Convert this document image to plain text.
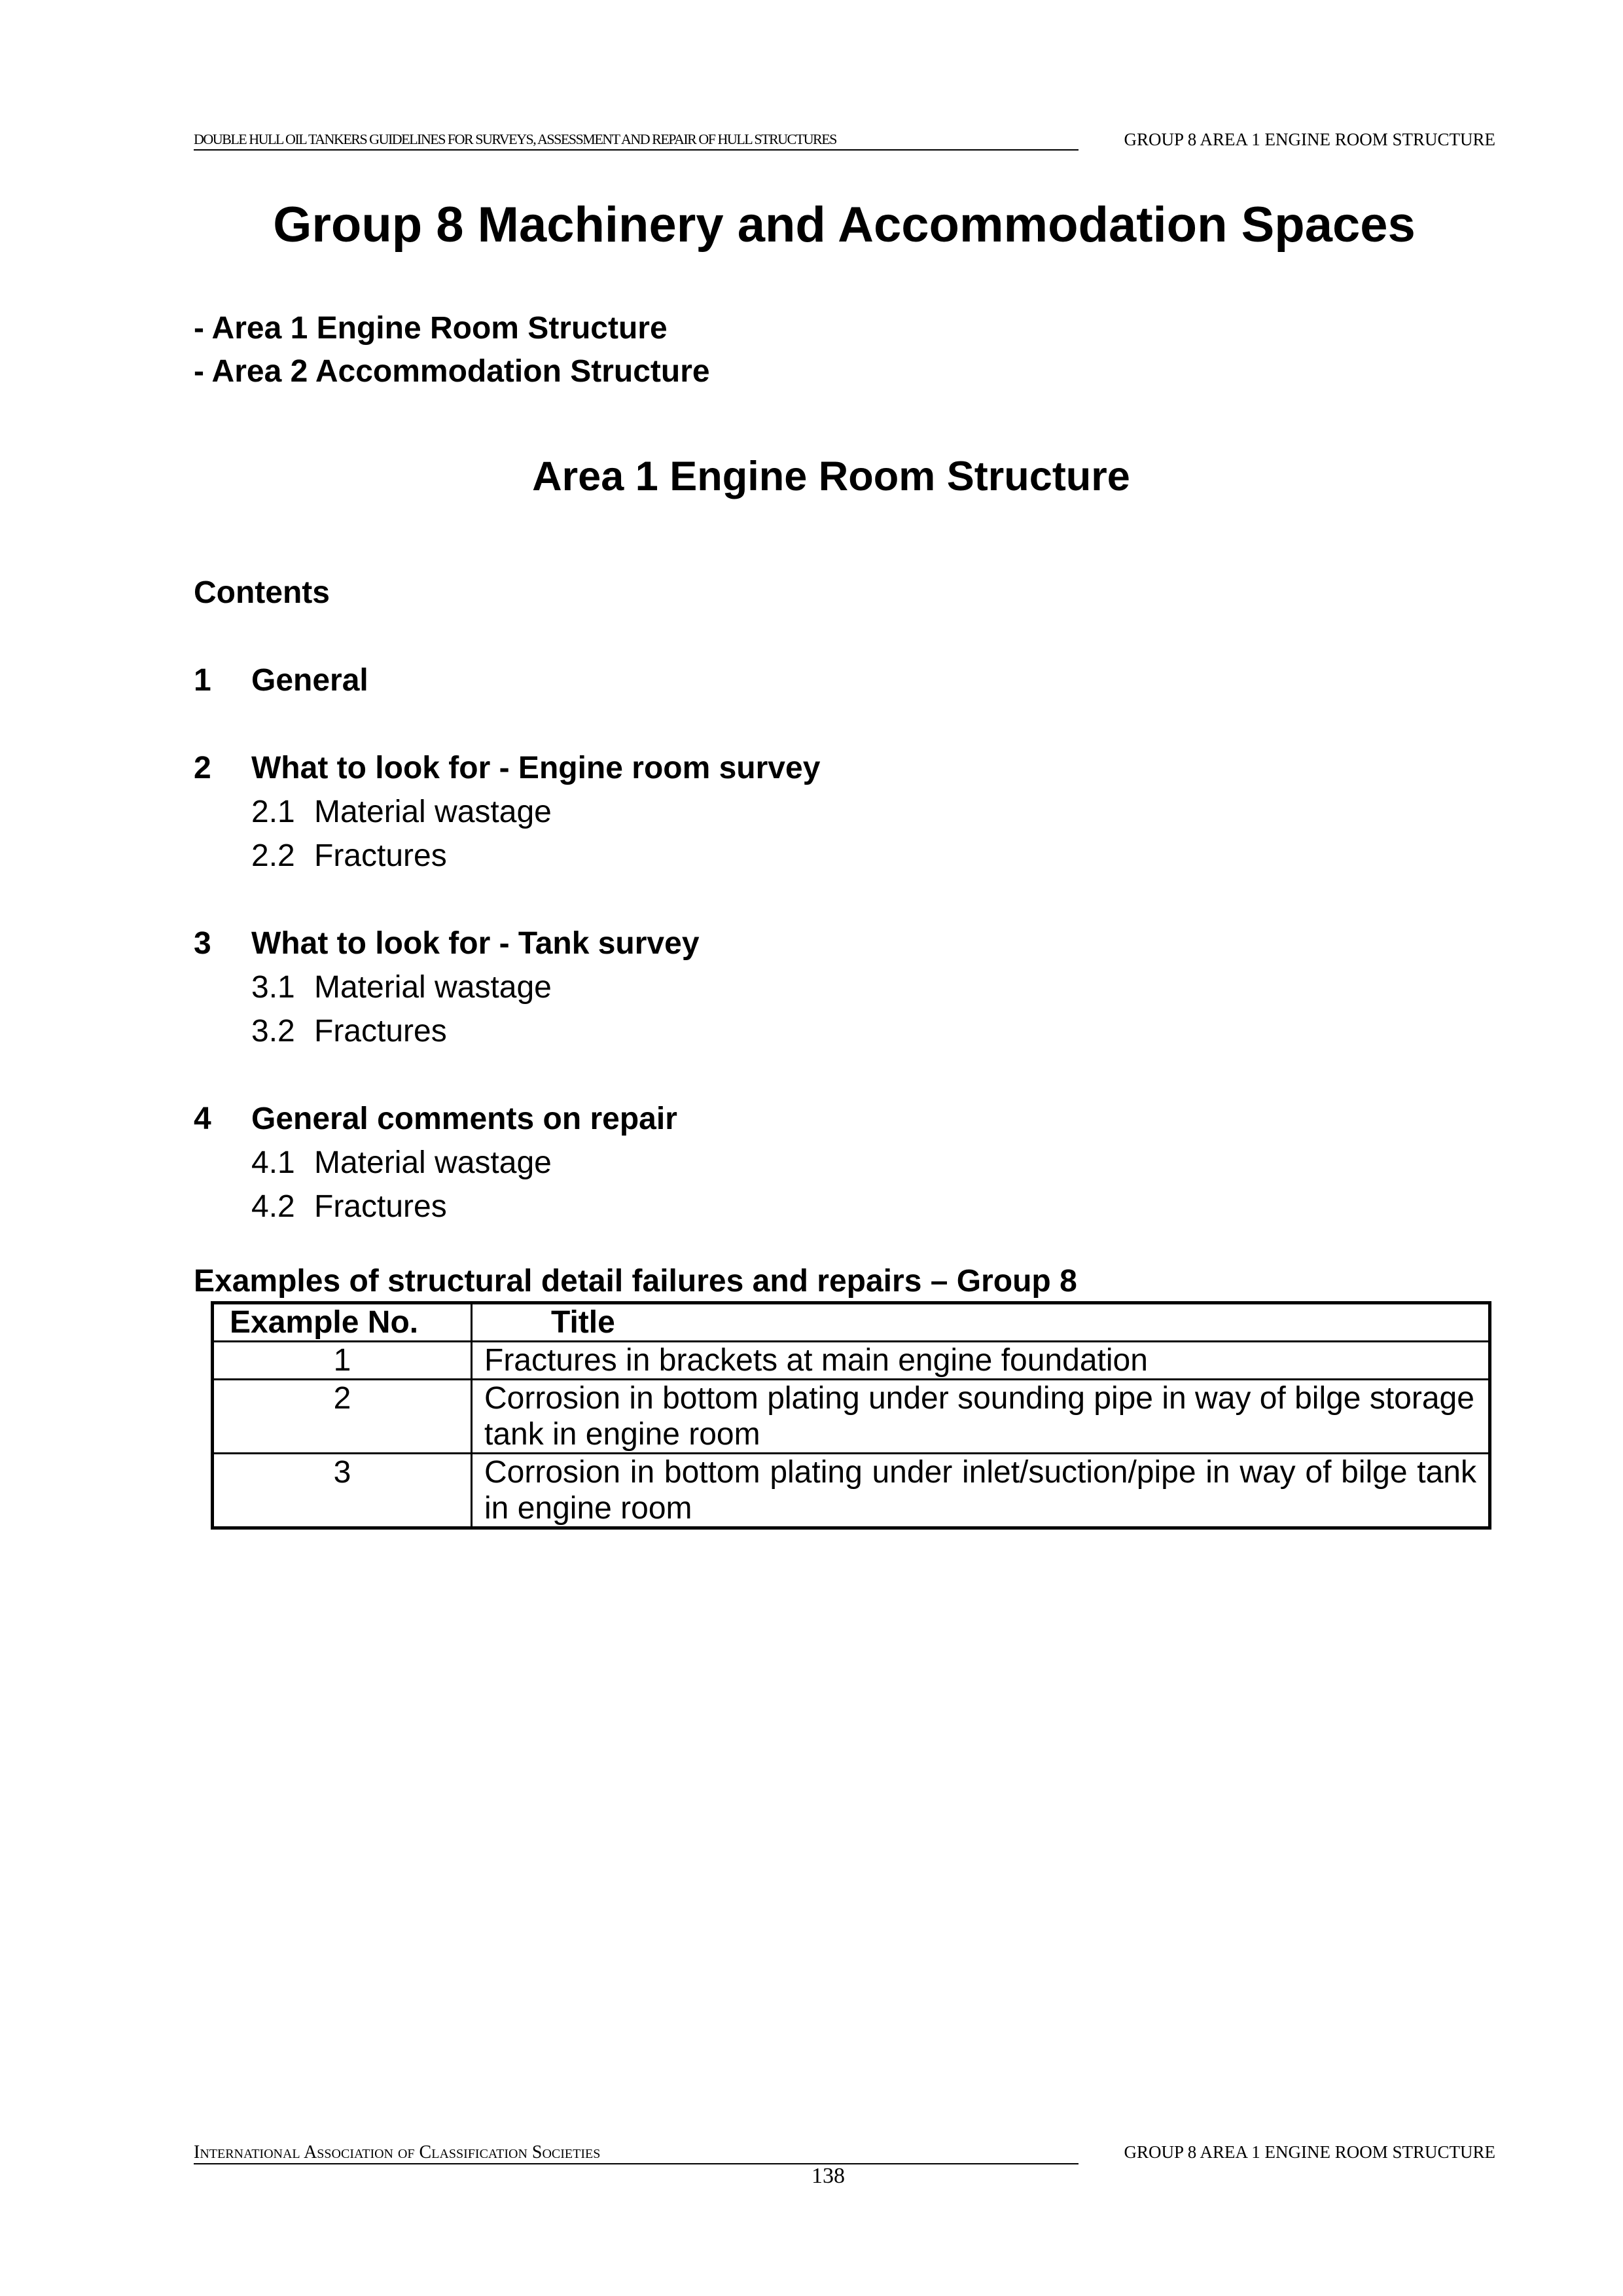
DOUBLE HULL OIL TANKERS GUIDELINES FOR SURVEYS, ASSESSMENT AND REPAIR OF HULL STRUCTURES	GROUP 8 AREA 1 ENGINE ROOM STRUCTURE
Group 8 Machinery and Accommodation Spaces
- Area 1 Engine Room Structure
- Area 2 Accommodation Structure
Area 1 Engine Room Structure
Contents
1 General
2 What to look for - Engine room survey
2.1 Material wastage
2.2 Fractures
3 What to look for - Tank survey
3.1 Material wastage
3.2 Fractures
4 General comments on repair
4.1 Material wastage
4.2 Fractures
Examples of structural detail failures and repairs – Group 8
Example No.	Title
1	Fractures in brackets at main engine foundation
2	Corrosion in bottom plating under sounding pipe in way of bilge storage tank in engine room
3	Corrosion in bottom plating under inlet/suction/pipe in way of bilge tank in engine room
International Association of Classification Societies	GROUP 8 AREA 1 ENGINE ROOM STRUCTURE
138
